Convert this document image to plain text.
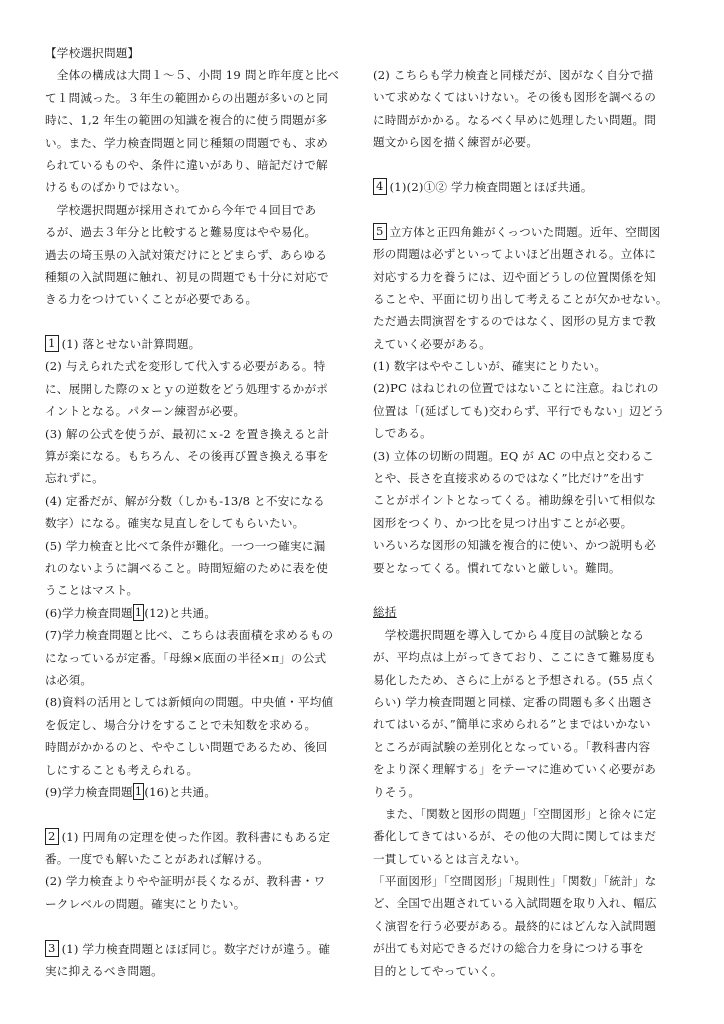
【学校選択問題】
　全体の構成は大問１～５、小問 19 問と昨年度と比べ
て１問減った。３年生の範囲からの出題が多いのと同
時に、1,2 年生の範囲の知識を複合的に使う問題が多
い。また、学力検査問題と同じ種類の問題でも、求め
られているものや、条件に違いがあり、暗記だけで解
けるものばかりではない。
　学校選択問題が採用されてから今年で４回目であ
るが、過去３年分と比較すると難易度はやや易化。
過去の埼玉県の入試対策だけにとどまらず、あらゆる
種類の入試問題に触れ、初見の問題でも十分に対応で
きる力をつけていくことが必要である。
1 (1) 落とせない計算問題。
(2) 与えられた式を変形して代入する必要がある。特
に、展開した際のｘとｙの逆数をどう処理するかがポ
イントとなる。パターン練習が必要。
(3) 解の公式を使うが、最初にｘ-2 を置き換えると計
算が楽になる。もちろん、その後再び置き換える事を
忘れずに。
(4) 定番だが、解が分数（しかも-13/8 と不安になる
数字）になる。確実な見直しをしてもらいたい。
(5) 学力検査と比べて条件が難化。一つ一つ確実に漏
れのないように調べること。時間短縮のために表を使
うことはマスト。
(6)学力検査問題 1 (12)と共通。
(7)学力検査問題と比べ、こちらは表面積を求めるもの
になっているが定番。「母線×底面の半径×π」の公式
は必須。
(8)資料の活用としては新傾向の問題。中央値・平均値
を仮定し、場合分けをすることで未知数を求める。
時間がかかるのと、ややこしい問題であるため、後回
しにすることも考えられる。
(9)学力検査問題 1 (16)と共通。
2 (1) 円周角の定理を使った作図。教科書にもある定
番。一度でも解いたことがあれば解ける。
(2) 学力検査よりやや証明が長くなるが、教科書・ワ
ークレベルの問題。確実にとりたい。
3 (1) 学力検査問題とほぼ同じ。数字だけが違う。確
実に抑えるべき問題。
(2) こちらも学力検査と同様だが、図がなく自分で描
いて求めなくてはいけない。その後も図形を調べるの
に時間がかかる。なるべく早めに処理したい問題。問
題文から図を描く練習が必要。
4 (1)(2)①② 学力検査問題とほぼ共通。
5 立方体と正四角錐がくっついた問題。近年、空間図
形の問題は必ずといってよいほど出題される。立体に
対応する力を養うには、辺や面どうしの位置関係を知
ることや、平面に切り出して考えることが欠かせない。
ただ過去問演習をするのではなく、図形の見方まで教
えていく必要がある。
(1) 数字はややこしいが、確実にとりたい。
(2)PC はねじれの位置ではないことに注意。ねじれの
位置は「(延ばしても)交わらず、平行でもない」辺どう
しである。
(3) 立体の切断の問題。EQ が AC の中点と交わるこ
とや、長さを直接求めるのではなく”比だけ”を出す
ことがポイントとなってくる。補助線を引いて相似な
図形をつくり、かつ比を見つけ出すことが必要。
いろいろな図形の知識を複合的に使い、かつ説明も必
要となってくる。慣れてないと厳しい。難問。
総括
　学校選択問題を導入してから４度目の試験となる
が、平均点は上がってきており、ここにきて難易度も
易化したため、さらに上がると予想される。(55 点く
らい) 学力検査問題と同様、定番の問題も多く出題さ
れてはいるが、”簡単に求められる”とまではいかない
ところが両試験の差別化となっている。「教科書内容
をより深く理解する」をテーマに進めていく必要があ
りそう。
　また、「関数と図形の問題」「空間図形」と徐々に定
番化してきてはいるが、その他の大問に関してはまだ
一貫しているとは言えない。
「平面図形」「空間図形」「規則性」「関数」「統計」な
ど、全国で出題されている入試問題を取り入れ、幅広
く演習を行う必要がある。最終的にはどんな入試問題
が出ても対応できるだけの総合力を身につける事を
目的としてやっていく。
